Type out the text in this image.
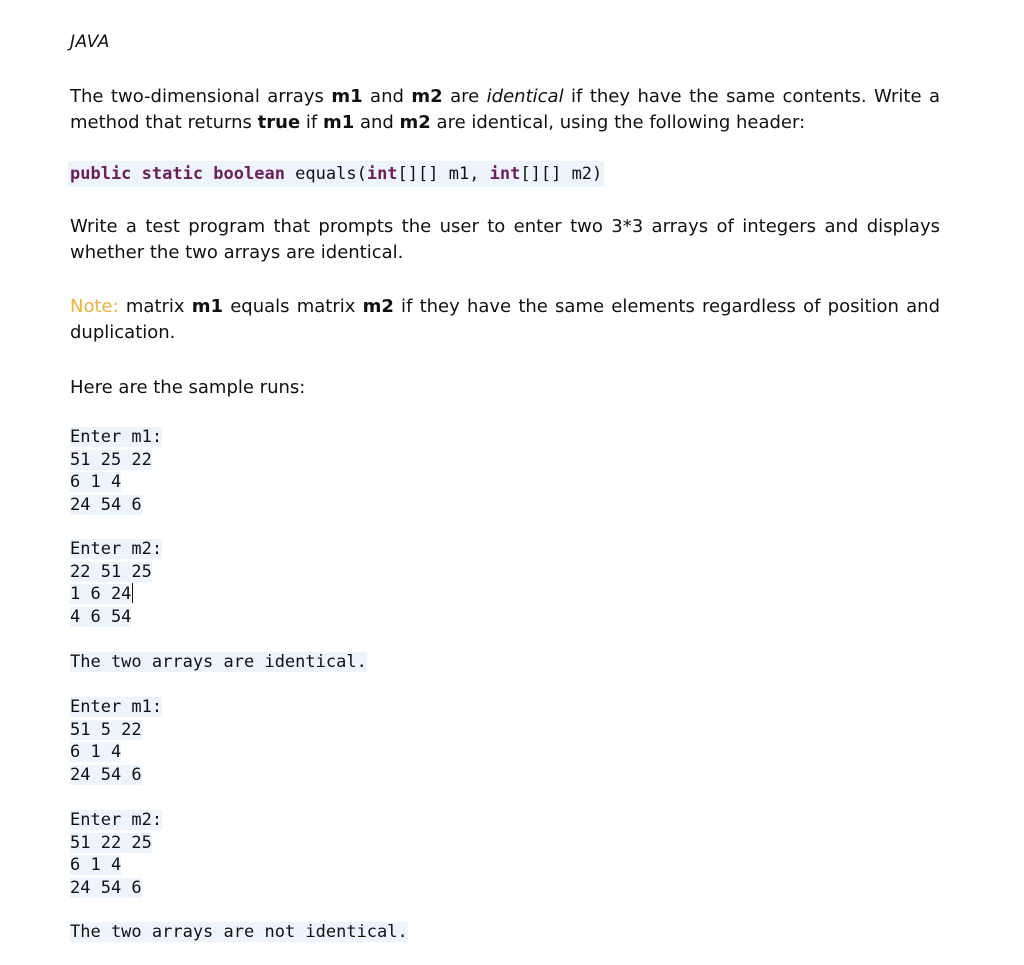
JAVA
The two-dimensional arrays m1 and m2 are identical if they have the same contents. Write a method that returns true if m1 and m2 are identical, using the following header:
public static boolean equals(int[][] m1, int[][] m2)
Write a test program that prompts the user to enter two 3*3 arrays of integers and displays whether the two arrays are identical.
Note: matrix m1 equals matrix m2 if they have the same elements regardless of position and duplication.
Here are the sample runs:
Enter m1:
51 25 22
6 1 4
24 54 6
Enter m2:
22 51 25
1 6 24
4 6 54
The two arrays are identical.
Enter m1:
51 5 22
6 1 4
24 54 6
Enter m2:
51 22 25
6 1 4
24 54 6
The two arrays are not identical.
